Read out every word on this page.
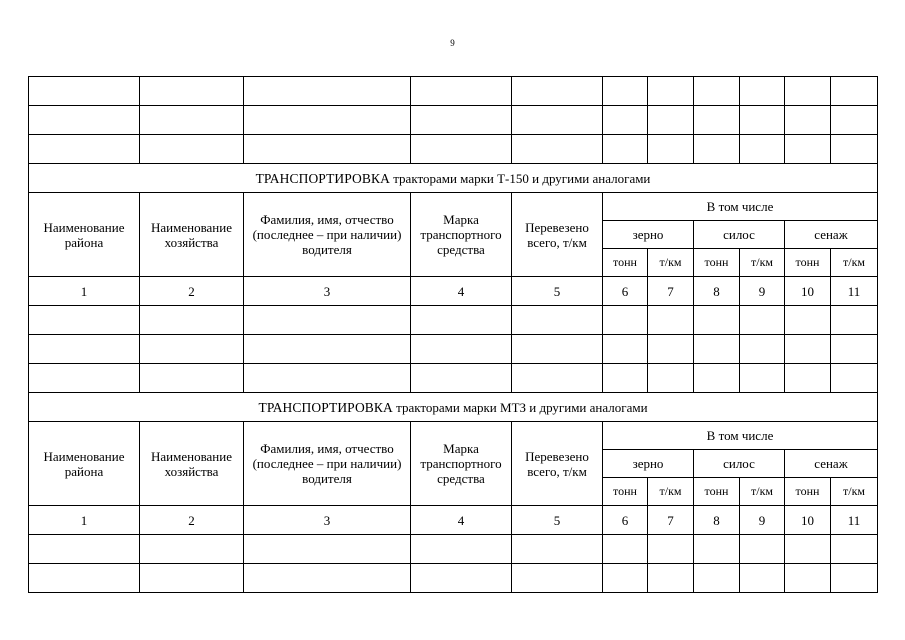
9

ТРАНСПОРТИРОВКА тракторами марки Т-150 и другими аналогами										
Наименование района	Наименование хозяйства	Фамилия, имя, отчество (последнее – при наличии) водителя	Марка транспортного средства	Перевезено всего, т/км	В том числе					
					зерно		силос		сенаж	
					тонн	т/км	тонн	т/км	тонн	т/км
1	2	3	4	5	6	7	8	9	10	11

ТРАНСПОРТИРОВКА тракторами марки МТЗ и другими аналогами										
Наименование района	Наименование хозяйства	Фамилия, имя, отчество (последнее – при наличии) водителя	Марка транспортного средства	Перевезено всего, т/км	В том числе					
					зерно		силос		сенаж	
					тонн	т/км	тонн	т/км	тонн	т/км
1	2	3	4	5	6	7	8	9	10	11
